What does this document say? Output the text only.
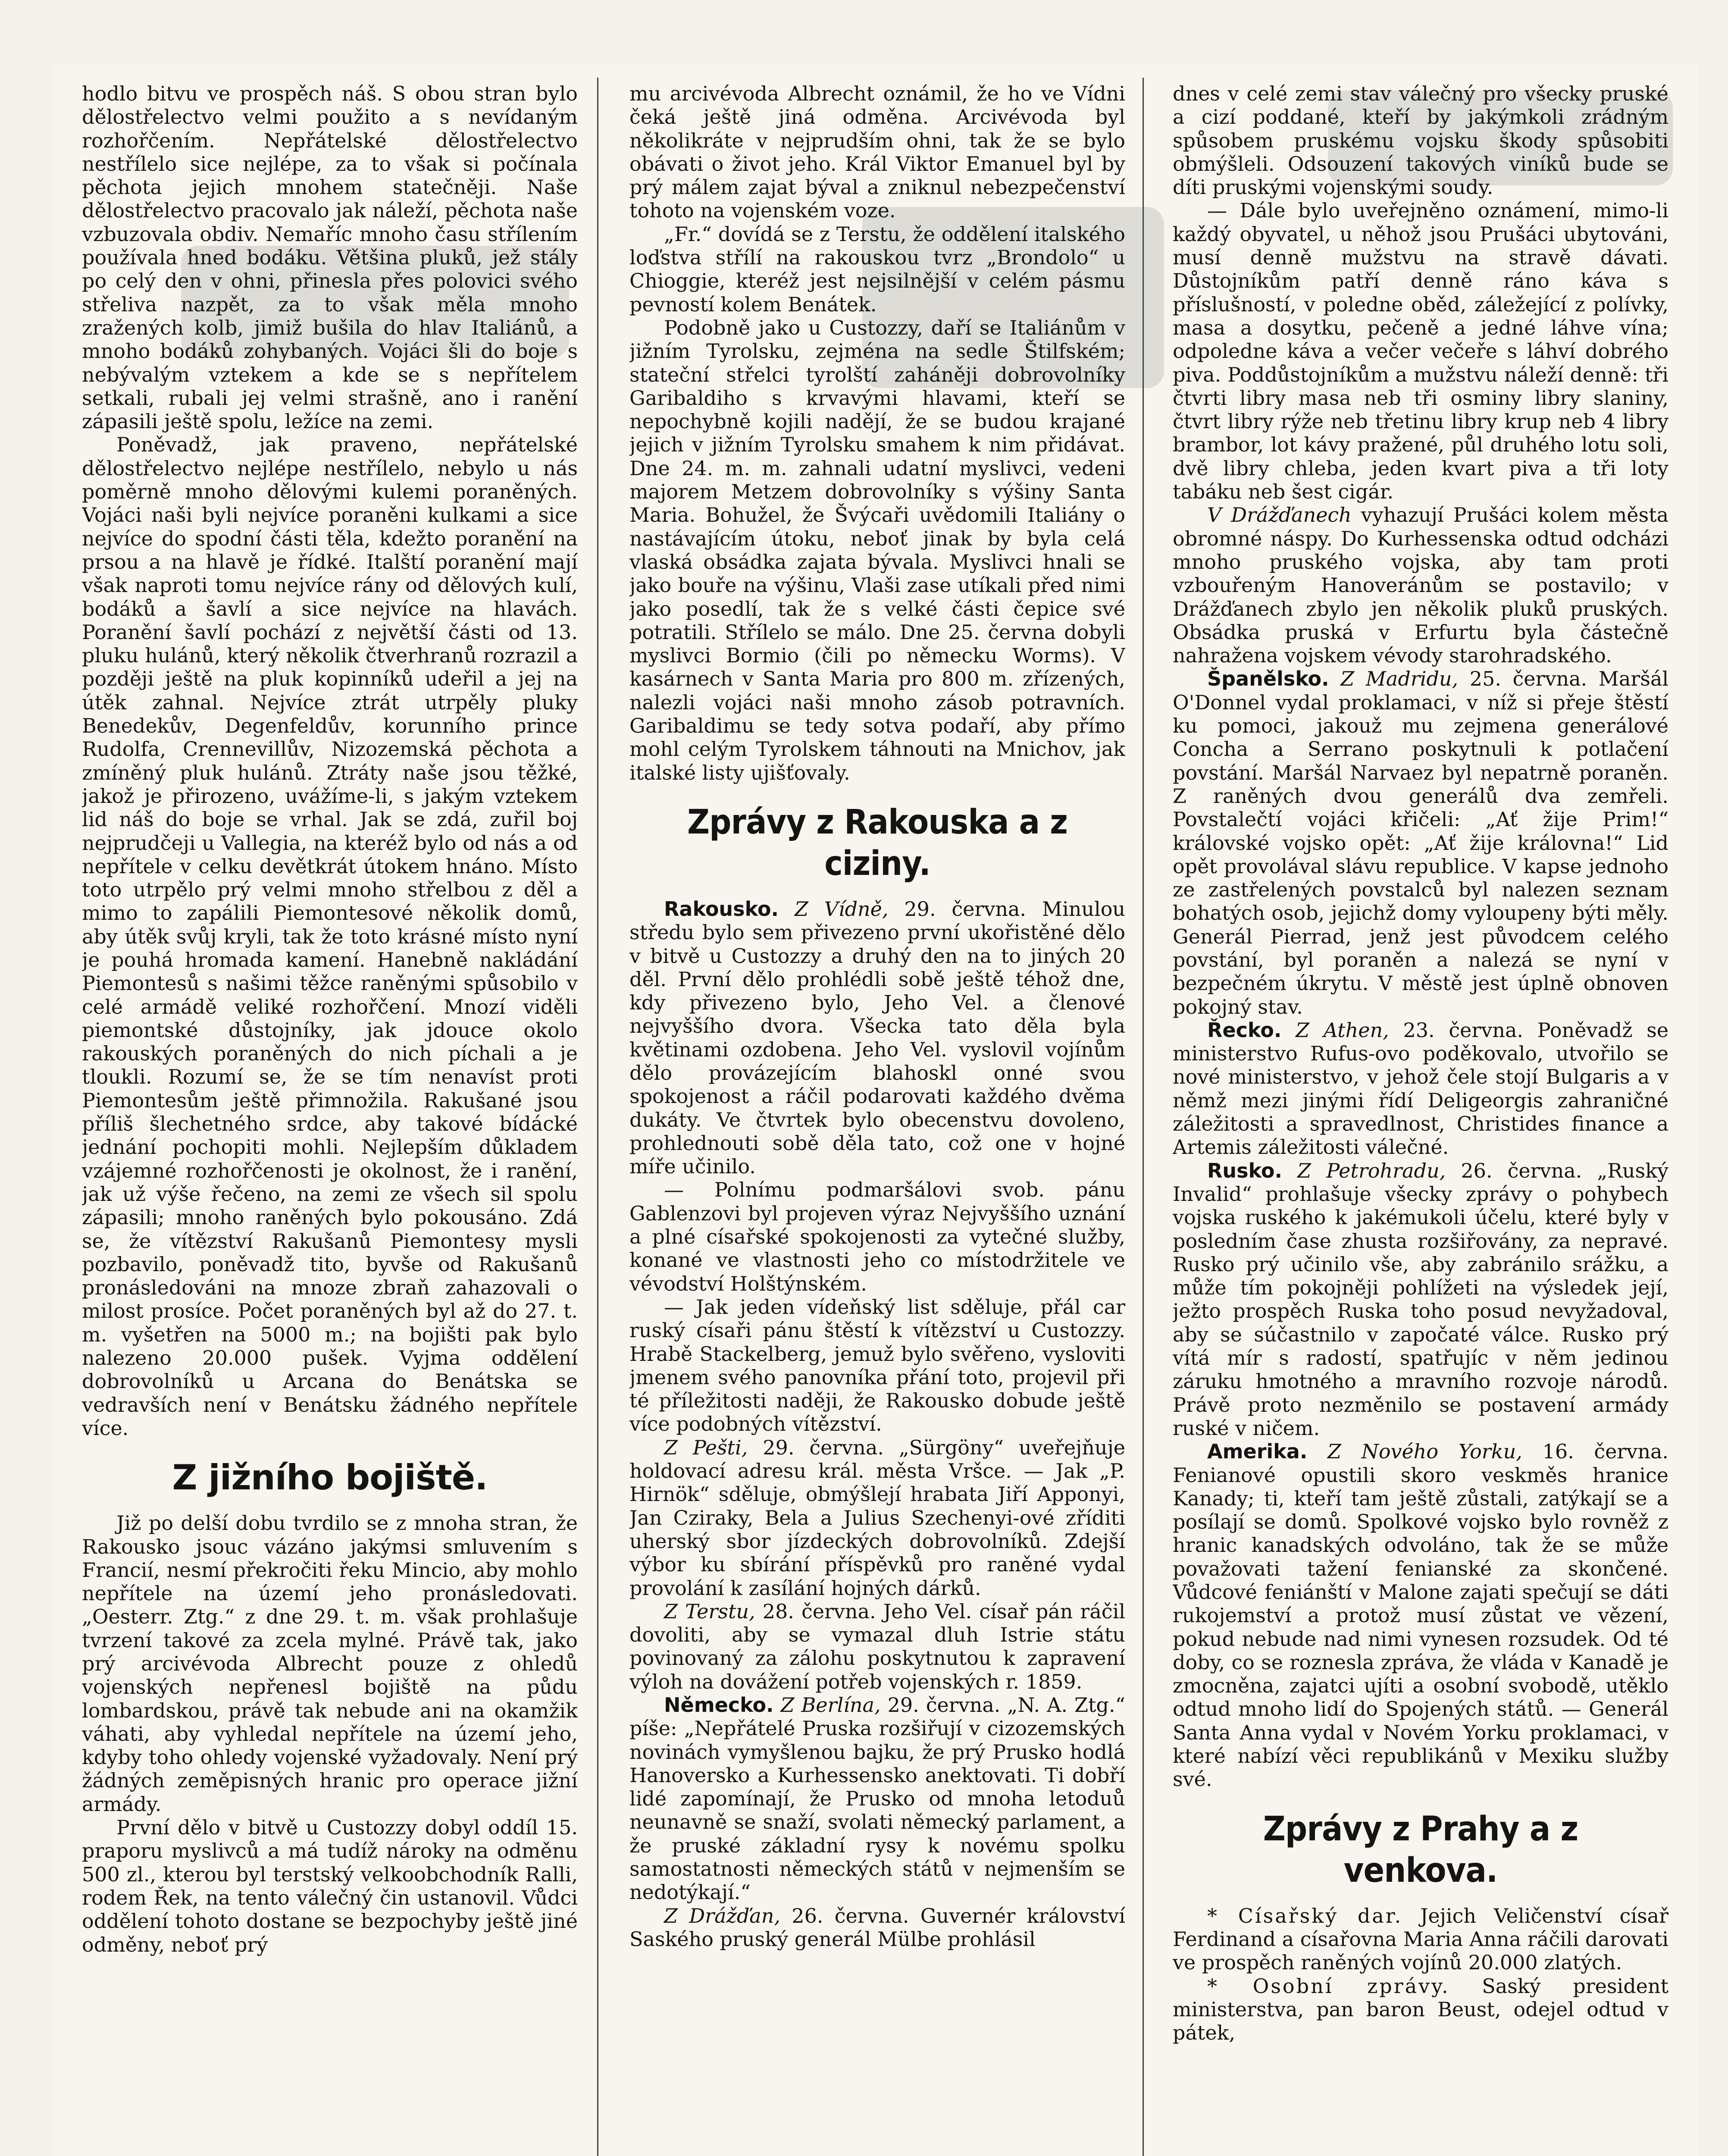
hodlo bitvu ve prospěch náš. S obou stran bylo dělostřelectvo velmi použito a s nevídaným rozhořčením. Nepřátelské dělostřelectvo nestřílelo sice nejlépe, za to však si počínala pěchota jejich mnohem statečněji. Naše dělostřelectvo pracovalo jak náleží, pěchota naše vzbuzovala obdiv. Nemaříc mnoho času střílením používala hned bodáku. Většina pluků, jež stály po celý den v ohni, přinesla přes polovici svého střeliva nazpět, za to však měla mnoho zražených kolb, jimiž bušila do hlav Italiánů, a mnoho bodáků zohybaných. Vojáci šli do boje s nebývalým vztekem a kde se s nepřítelem setkali, rubali jej velmi strašně, ano i ranění zápasili ještě spolu, ležíce na zemi.

Poněvadž, jak praveno, nepřátelské dělostřelectvo nejlépe nestřílelo, nebylo u nás poměrně mnoho dělovými kulemi poraněných. Vojáci naši byli nejvíce poraněni kulkami a sice nejvíce do spodní části těla, kdežto poranění na prsou a na hlavě je řídké. Italští poranění mají však naproti tomu nejvíce rány od dělových kulí, bodáků a šavlí a sice nejvíce na hlavách. Poranění šavlí pochází z největší části od 13. pluku hulánů, který několik čtverhranů rozrazil a později ještě na pluk kopinníků udeřil a jej na útěk zahnal. Nejvíce ztrát utrpěly pluky Benedekův, Degenfeldův, korunního prince Rudolfa, Crennevillův, Nizozemská pěchota a zmíněný pluk hulánů. Ztráty naše jsou těžké, jakož je přirozeno, uvážíme-li, s jakým vztekem lid náš do boje se vrhal. Jak se zdá, zuřil boj nejprudčeji u Vallegia, na kteréž bylo od nás a od nepřítele v celku devětkrát útokem hnáno. Místo toto utrpělo prý velmi mnoho střelbou z děl a mimo to zapálili Piemontesové několik domů, aby útěk svůj kryli, tak že toto krásné místo nyní je pouhá hromada kamení. Hanebně nakládání Piemontesů s našimi těžce raněnými spůsobilo v celé armádě veliké rozhořčení. Mnozí viděli piemontské důstojníky, jak jdouce okolo rakouských poraněných do nich píchali a je tloukli. Rozumí se, že se tím nenavíst proti Piemontesům ještě přimnožila. Rakušané jsou příliš šlechetného srdce, aby takové bídácké jednání pochopiti mohli. Nejlepším důkladem vzájemné rozhořčenosti je okolnost, že i ranění, jak už výše řečeno, na zemi ze všech sil spolu zápasili; mnoho raněných bylo pokousáno. Zdá se, že vítězství Rakušanů Piemontesy mysli pozbavilo, poněvadž tito, byvše od Rakušanů pronásledováni na mnoze zbraň zahazovali o milost prosíce. Počet poraněných byl až do 27. t. m. vyšetřen na 5000 m.; na bojišti pak bylo nalezeno 20.000 pušek. Vyjma oddělení dobrovolníků u Arcana do Benátska se vedravších není v Benátsku žádného nepřítele více.

Z jižního bojiště.

Již po delší dobu tvrdilo se z mnoha stran, že Rakousko jsouc vázáno jakýmsi smluvením s Francií, nesmí překročiti řeku Mincio, aby mohlo nepřítele na území jeho pronásledovati. „Oesterr. Ztg.“ z dne 29. t. m. však prohlašuje tvrzení takové za zcela mylné. Právě tak, jako prý arcivévoda Albrecht pouze z ohledů vojenských nepřenesl bojiště na půdu lombardskou, právě tak nebude ani na okamžik váhati, aby vyhledal nepřítele na území jeho, kdyby toho ohledy vojenské vyžadovaly. Není prý žádných zeměpisných hranic pro operace jižní armády.

První dělo v bitvě u Custozzy dobyl oddíl 15. praporu myslivců a má tudíž nároky na odměnu 500 zl., kterou byl terstský velkoobchodník Ralli, rodem Řek, na tento válečný čin ustanovil. Vůdci oddělení tohoto dostane se bezpochyby ještě jiné odměny, neboť prý

mu arcivévoda Albrecht oznámil, že ho ve Vídni čeká ještě jiná odměna. Arcivévoda byl několikráte v nejprudším ohni, tak že se bylo obávati o život jeho. Král Viktor Emanuel byl by prý málem zajat býval a zniknul nebezpečenství tohoto na vojenském voze.

„Fr.“ dovídá se z Terstu, že oddělení italského loďstva střílí na rakouskou tvrz „Brondolo“ u Chioggie, kteréž jest nejsilnější v celém pásmu pevností kolem Benátek.

Podobně jako u Custozzy, daří se Italiánům v jižním Tyrolsku, zejména na sedle Štilfském; stateční střelci tyrolští zaháněji dobrovolníky Garibaldiho s krvavými hlavami, kteří se nepochybně kojili nadějí, že se budou krajané jejich v jižním Tyrolsku smahem k nim přidávat. Dne 24. m. m. zahnali udatní myslivci, vedeni majorem Metzem dobrovolníky s výšiny Santa Maria. Bohužel, že Švýcaři uvědomili Italiány o nastávajícím útoku, neboť jinak by byla celá vlaská obsádka zajata bývala. Myslivci hnali se jako bouře na výšinu, Vlaši zase utíkali před nimi jako posedlí, tak že s velké části čepice své potratili. Střílelo se málo. Dne 25. června dobyli myslivci Bormio (čili po německu Worms). V kasárnech v Santa Maria pro 800 m. zřízených, nalezli vojáci naši mnoho zásob potravních. Garibaldimu se tedy sotva podaří, aby přímo mohl celým Tyrolskem táhnouti na Mnichov, jak italské listy ujišťovaly.

Zprávy z Rakouska a z ciziny.

Rakousko. Z Vídně, 29. června. Minulou středu bylo sem přivezeno první ukořistěné dělo v bitvě u Custozzy a druhý den na to jiných 20 děl. První dělo prohlédli sobě ještě téhož dne, kdy přivezeno bylo, Jeho Vel. a členové nejvyššího dvora. Všecka tato děla byla květinami ozdobena. Jeho Vel. vyslovil vojínům dělo provázejícím blahoskl onné svou spokojenost a ráčil podarovati každého dvěma dukáty. Ve čtvrtek bylo obecenstvu dovoleno, prohlednouti sobě děla tato, což one v hojné míře učinilo.

— Polnímu podmaršálovi svob. pánu Gablenzovi byl projeven výraz Nejvyššího uznání a plné císařské spokojenosti za vytečné služby, konané ve vlastnosti jeho co místodržitele ve vévodství Holštýnském.

— Jak jeden vídeňský list sděluje, přál car ruský císaři pánu štěstí k vítězství u Custozzy. Hrabě Stackelberg, jemuž bylo svěřeno, vysloviti jmenem svého panovníka přání toto, projevil při té příležitosti naději, že Rakousko dobude ještě více podobných vítězství.

Z Pešti, 29. června. „Sürgöny“ uveřejňuje holdovací adresu král. města Vršce. — Jak „P. Hirnök“ sděluje, obmýšlejí hrabata Jiří Apponyi, Jan Cziraky, Bela a Julius Szechenyi-ové zříditi uherský sbor jízdeckých dobrovolníků. Zdejší výbor ku sbírání příspěvků pro raněné vydal provolání k zasílání hojných dárků.

Z Terstu, 28. června. Jeho Vel. císař pán ráčil dovoliti, aby se vymazal dluh Istrie státu povinovaný za zálohu poskytnutou k zapravení výloh na dovážení potřeb vojenských r. 1859.

Německo. Z Berlína, 29. června. „N. A. Ztg.“ píše: „Nepřátelé Pruska rozšiřují v cizozemských novinách vymyšlenou bajku, že prý Prusko hodlá Hanoversko a Kurhessensko anektovati. Ti dobří lidé zapomínají, že Prusko od mnoha letoduů neunavně se snaží, svolati německý parlament, a že pruské základní rysy k novému spolku samostatnosti německých států v nejmenším se nedotýkají.“

Z Drážďan, 26. června. Guvernér království Saského pruský generál Mülbe prohlásil

dnes v celé zemi stav válečný pro všecky pruské a cizí poddané, kteří by jakýmkoli zrádným spůsobem pruskému vojsku škody spůsobiti obmýšleli. Odsouzení takových viníků bude se díti pruskými vojenskými soudy.

— Dále bylo uveřejněno oznámení, mimo-li každý obyvatel, u něhož jsou Prušáci ubytováni, musí denně mužstvu na stravě dávati. Důstojníkům patří denně ráno káva s příslušností, v poledne oběd, záležející z polívky, masa a dosytku, pečeně a jedné láhve vína; odpoledne káva a večer večeře s láhví dobrého piva. Poddůstojníkům a mužstvu náleží denně: tři čtvrti libry masa neb tři osminy libry slaniny, čtvrt libry rýže neb třetinu libry krup neb 4 libry brambor, lot kávy pražené, půl druhého lotu soli, dvě libry chleba, jeden kvart piva a tři loty tabáku neb šest cigár.

V Drážďanech vyhazují Prušáci kolem města obromné náspy. Do Kurhessenska odtud odcházi mnoho pruského vojska, aby tam proti vzbouřeným Hanoveránům se postavilo; v Drážďanech zbylo jen několik pluků pruských. Obsádka pruská v Erfurtu byla částečně nahražena vojskem vévody starohradského.

Španělsko. Z Madridu, 25. června. Maršál O'Donnel vydal proklamaci, v níž si přeje štěstí ku pomoci, jakouž mu zejmena generálové Concha a Serrano poskytnuli k potlačení povstání. Maršál Narvaez byl nepatrně poraněn. Z raněných dvou generálů dva zemřeli. Povstalečtí vojáci křičeli: „Ať žije Prim!“ královské vojsko opět: „Ať žije královna!“ Lid opět provolával slávu republice. V kapse jednoho ze zastřelených povstalců byl nalezen seznam bohatých osob, jejichž domy vyloupeny býti měly. Generál Pierrad, jenž jest původcem celého povstání, byl poraněn a nalezá se nyní v bezpečném úkrytu. V městě jest úplně obnoven pokojný stav.

Řecko. Z Athen, 23. června. Poněvadž se ministerstvo Rufus-ovo poděkovalo, utvořilo se nové ministerstvo, v jehož čele stojí Bulgaris a v němž mezi jinými řídí Deligeorgis zahraničné záležitosti a spravedlnost, Christides finance a Artemis záležitosti válečné.

Rusko. Z Petrohradu, 26. června. „Ruský Invalid“ prohlašuje všecky zprávy o pohybech vojska ruského k jakémukoli účelu, které byly v posledním čase zhusta rozšiřovány, za nepravé. Rusko prý učinilo vše, aby zabránilo srážku, a může tím pokojněji pohlížeti na výsledek její, ježto prospěch Ruska toho posud nevyžadoval, aby se súčastnilo v započaté válce. Rusko prý vítá mír s radostí, spatřujíc v něm jedinou záruku hmotného a mravního rozvoje národů. Právě proto nezměnilo se postavení armády ruské v ničem.

Amerika. Z Nového Yorku, 16. června. Fenianové opustili skoro veskměs hranice Kanady; ti, kteří tam ještě zůstali, zatýkají se a posílají se domů. Spolkové vojsko bylo rovněž z hranic kanadských odvoláno, tak že se může považovati tažení fenianské za skončené. Vůdcové feniánští v Malone zajati spečují se dáti rukojemství a protož musí zůstat ve vězení, pokud nebude nad nimi vynesen rozsudek. Od té doby, co se roznesla zpráva, že vláda v Kanadě je zmocněna, zajatci ujíti a osobní svobodě, utěklo odtud mnoho lidí do Spojených států. — Generál Santa Anna vydal v Novém Yorku proklamaci, v které nabízí věci republikánů v Mexiku služby své.

Zprávy z Prahy a z venkova.

* Císařský dar. Jejich Veličenství císař Ferdinand a císařovna Maria Anna ráčili darovati ve prospěch raněných vojínů 20.000 zlatých.

* Osobní zprávy. Saský president ministerstva, pan baron Beust, odejel odtud v pátek,
